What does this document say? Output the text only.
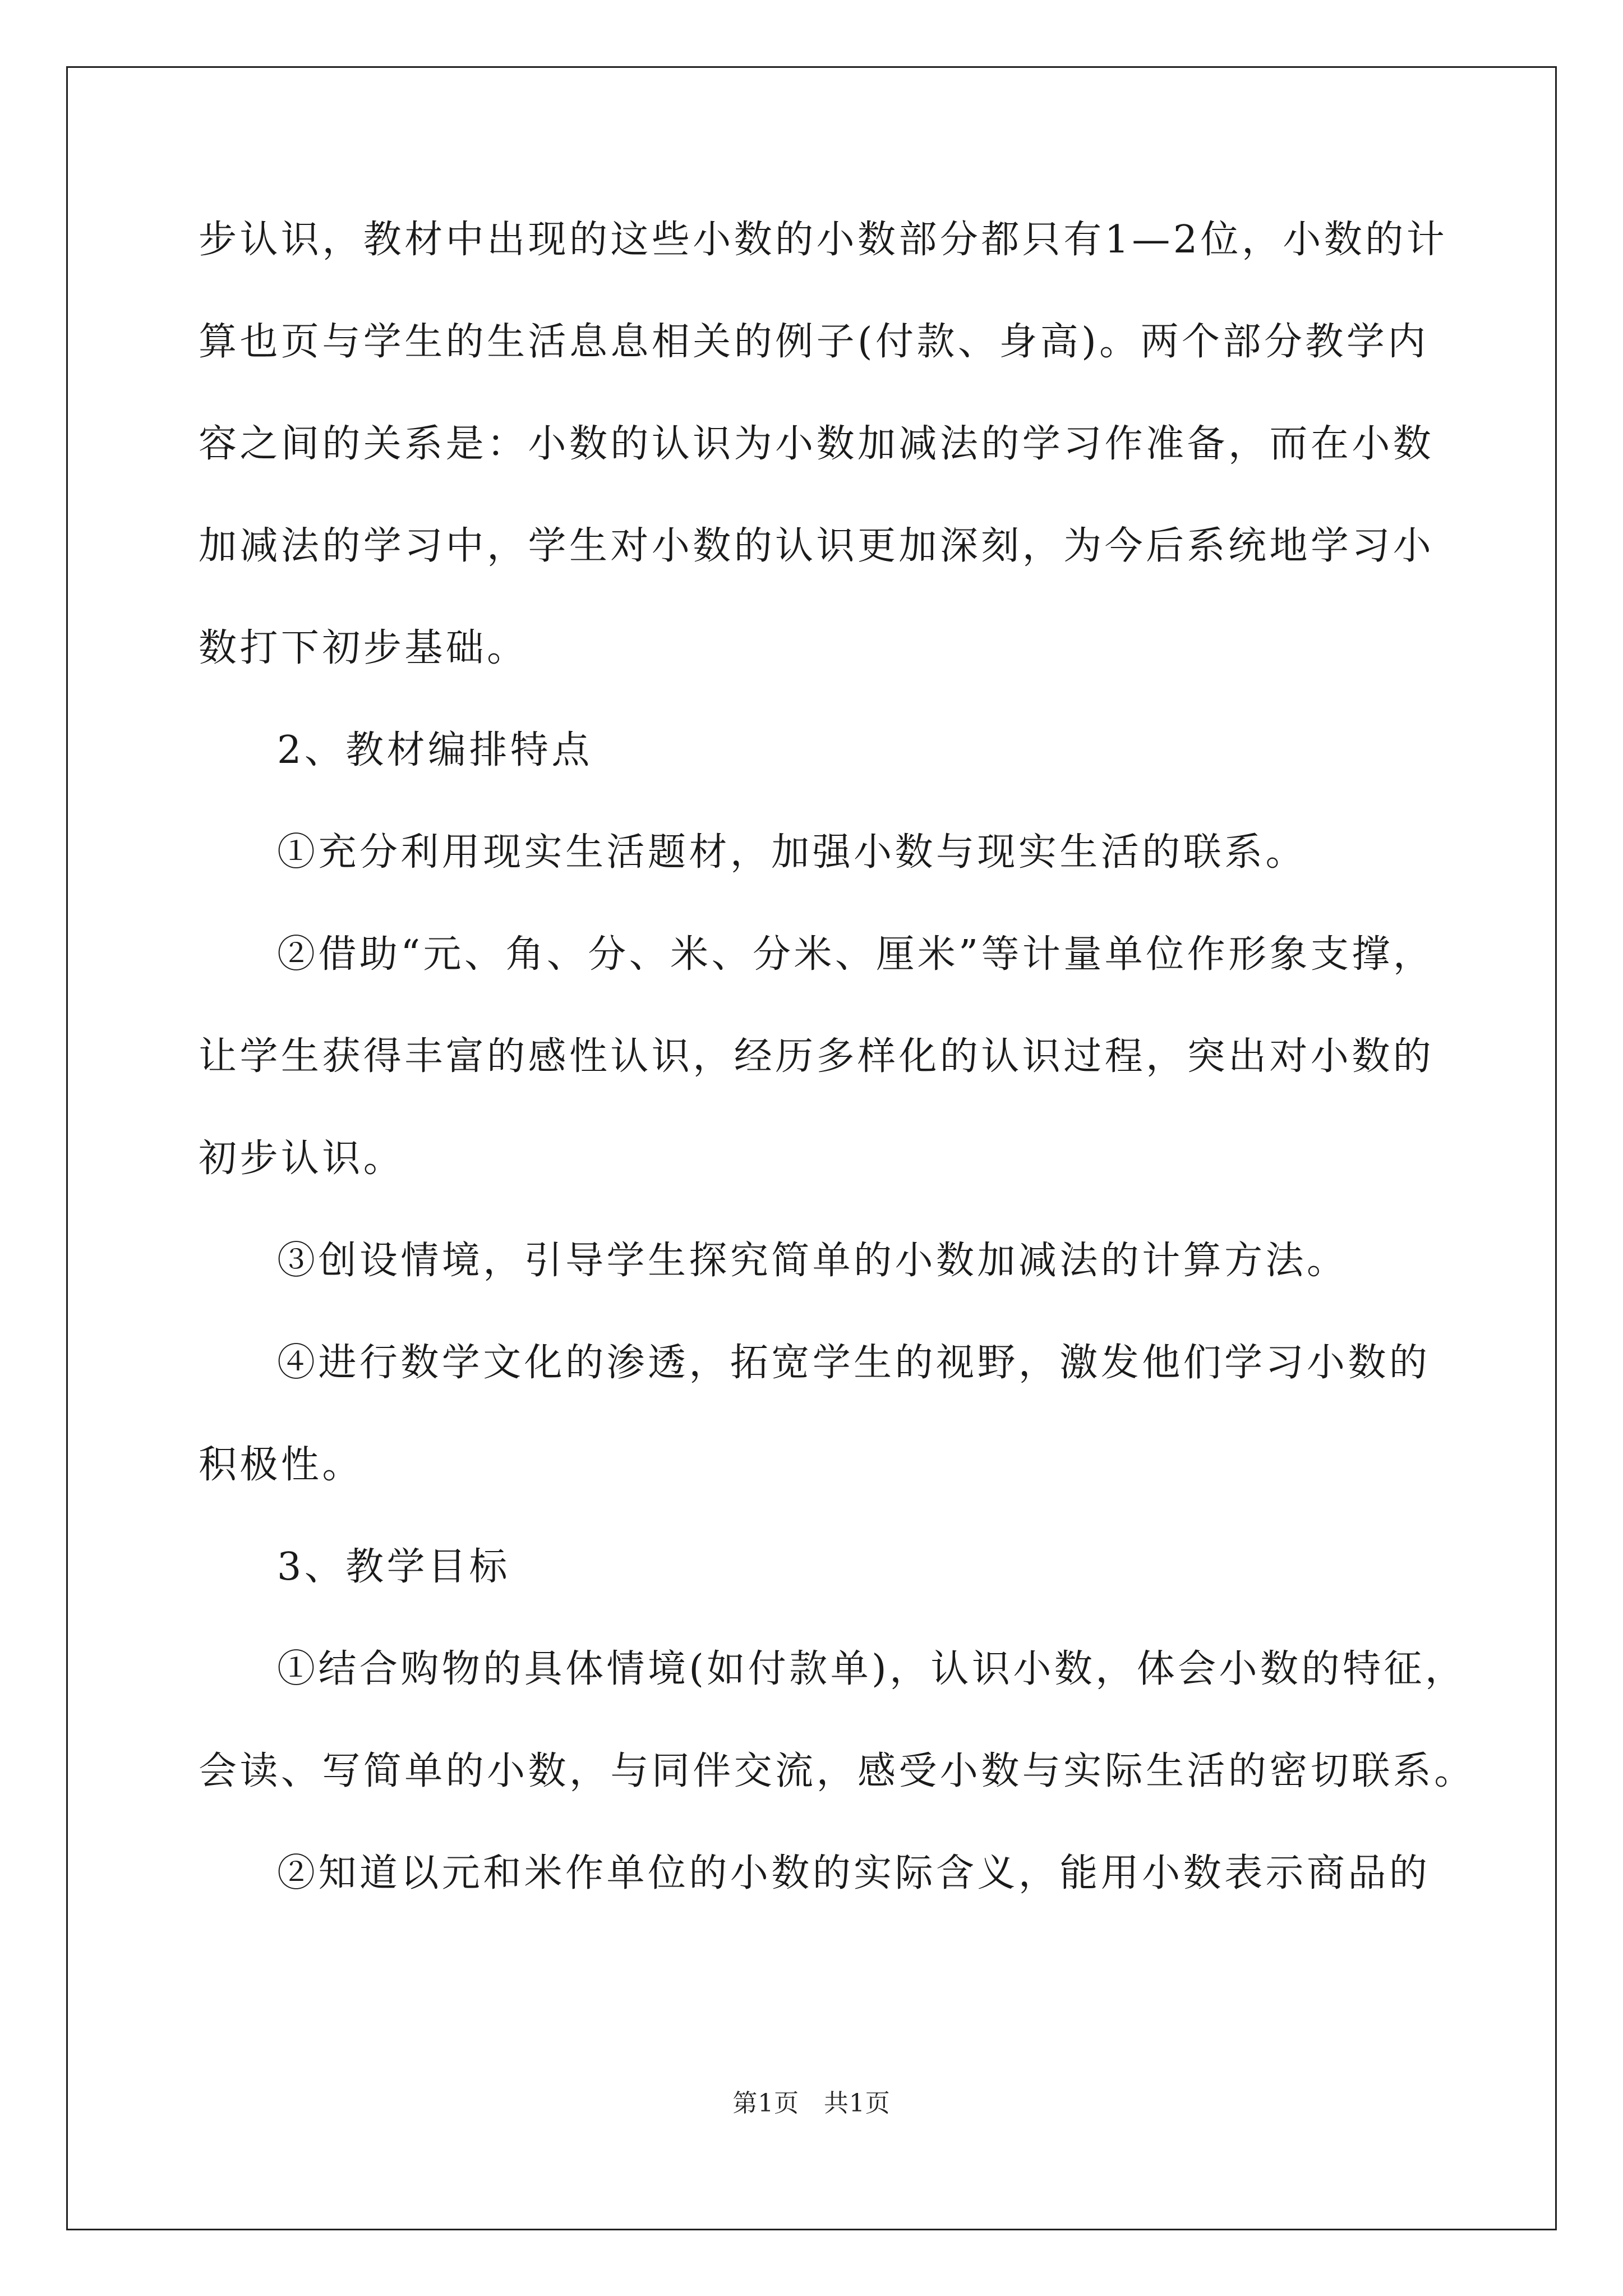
步认识，教材中出现的这些小数的小数部分都只有1—2位，小数的计
算也页与学生的生活息息相关的例子(付款、身高)。两个部分教学内
容之间的关系是：小数的认识为小数加减法的学习作准备，而在小数
加减法的学习中，学生对小数的认识更加深刻，为今后系统地学习小
数打下初步基础。
2、教材编排特点
①充分利用现实生活题材，加强小数与现实生活的联系。
②借助“元、角、分、米、分米、厘米”等计量单位作形象支撑，
让学生获得丰富的感性认识，经历多样化的认识过程，突出对小数的
初步认识。
③创设情境，引导学生探究简单的小数加减法的计算方法。
④进行数学文化的渗透，拓宽学生的视野，激发他们学习小数的
积极性。
3、教学目标
①结合购物的具体情境(如付款单)，认识小数，体会小数的特征，
会读、写简单的小数，与同伴交流，感受小数与实际生活的密切联系。
②知道以元和米作单位的小数的实际含义，能用小数表示商品的
第1页 共1页
